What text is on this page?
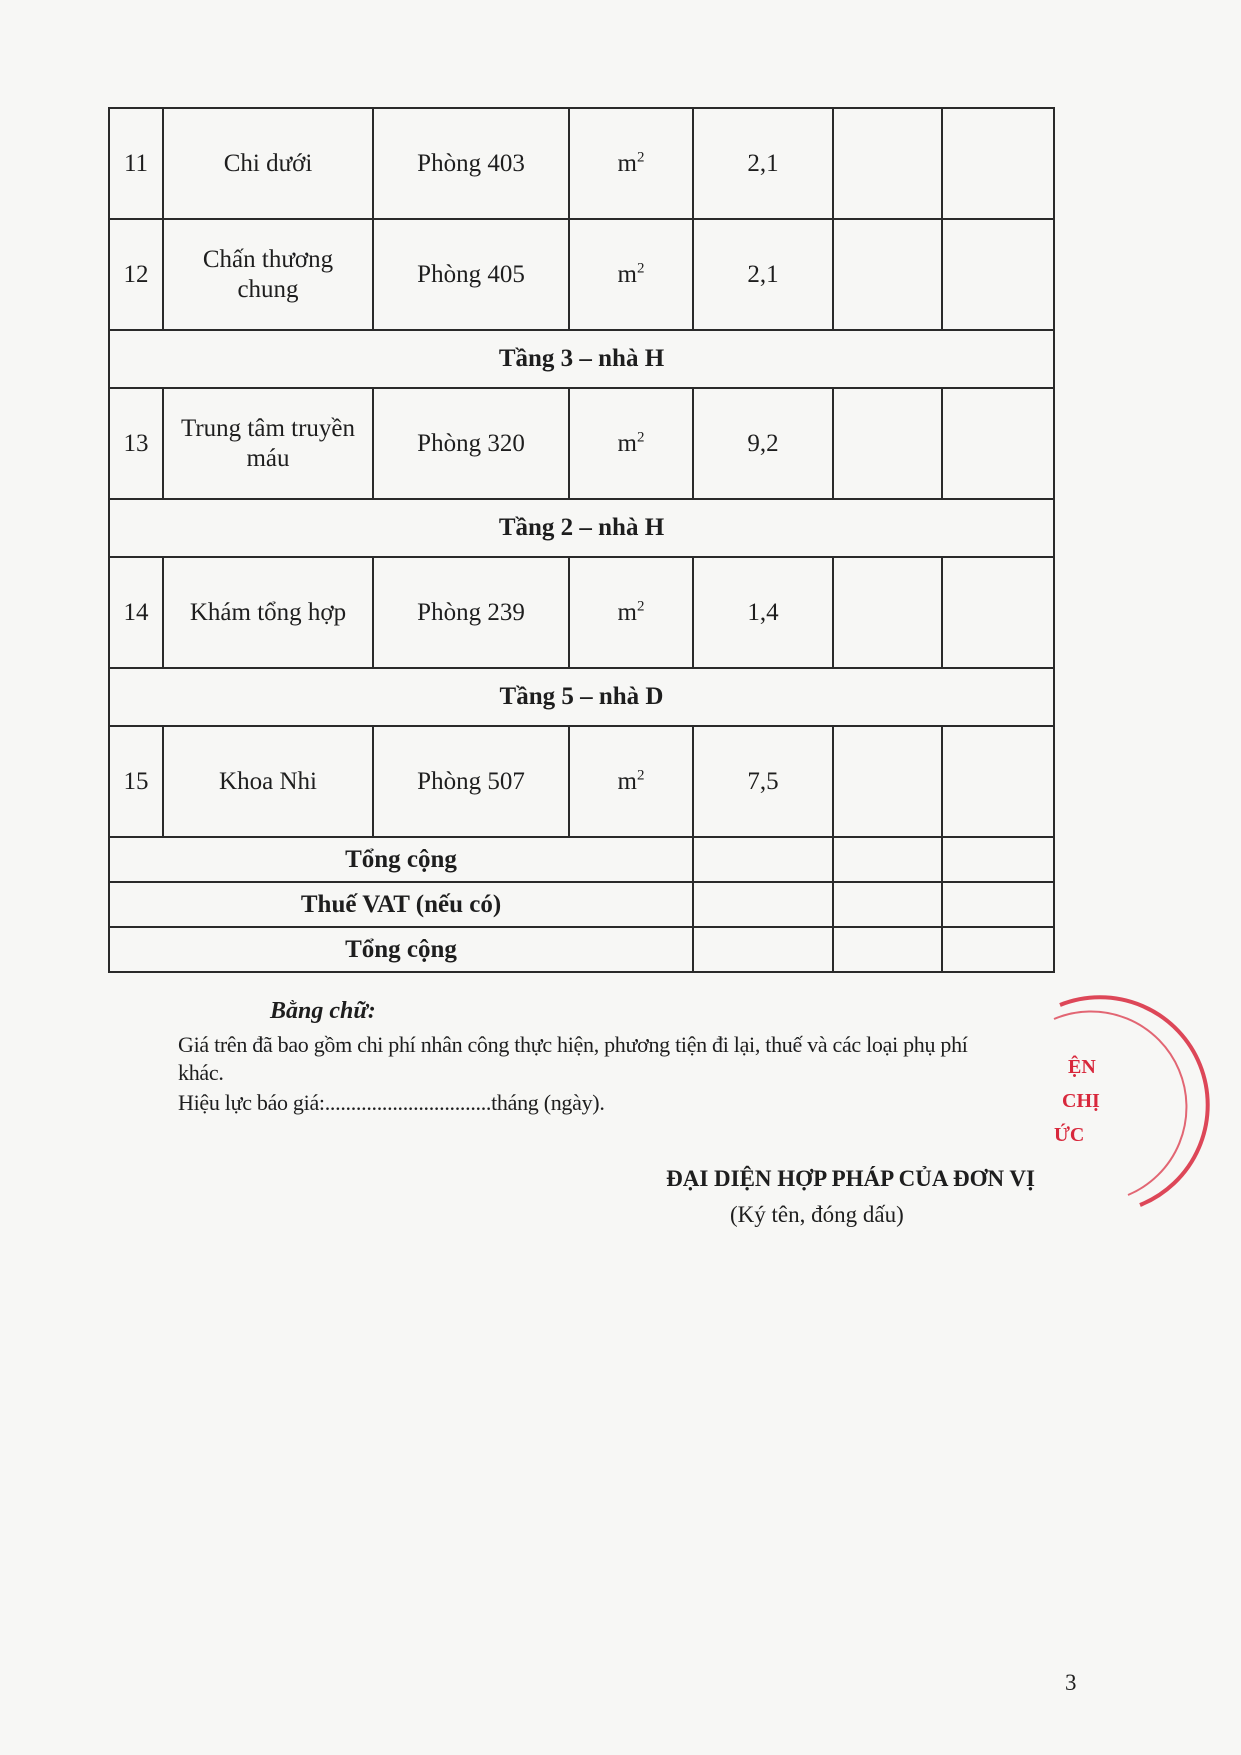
11	Chi dưới	Phòng 403	$m^2$	2,1		
12	Chấn thương chung	Phòng 405	$m^2$	2,1		
Tầng 3 – nhà H						
13	Trung tâm truyền máu	Phòng 320	$m^2$	9,2		
Tầng 2 – nhà H						
14	Khám tổng hợp	Phòng 239	$m^2$	1,4		
Tầng 5 – nhà D						
15	Khoa Nhi	Phòng 507	$m^2$	7,5		
Tổng cộng						
Thuế VAT (nếu có)						
Tổng cộng						
Bằng chữ:
Giá trên đã bao gồm chi phí nhân công thực hiện, phương tiện đi lại, thuế và các loại phụ phí
khác.
Hiệu lực báo giá:................................tháng (ngày).
ĐẠI DIỆN HỢP PHÁP CỦA ĐƠN VỊ
(Ký tên, đóng dấu)
3
ỆN
CHỊ
ỨC
